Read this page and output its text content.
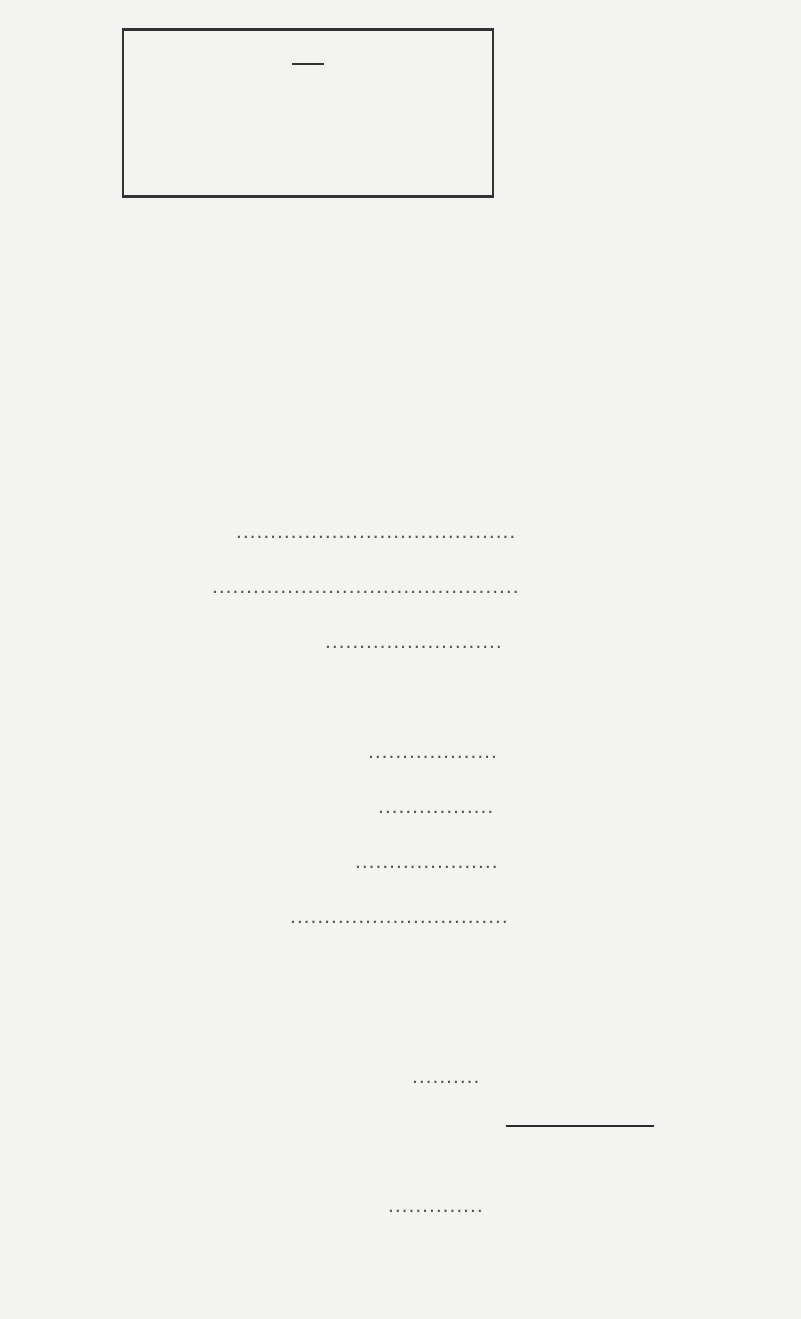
.........................................
.............................................
..........................
...................
.................
.....................
................................
..........
..............
